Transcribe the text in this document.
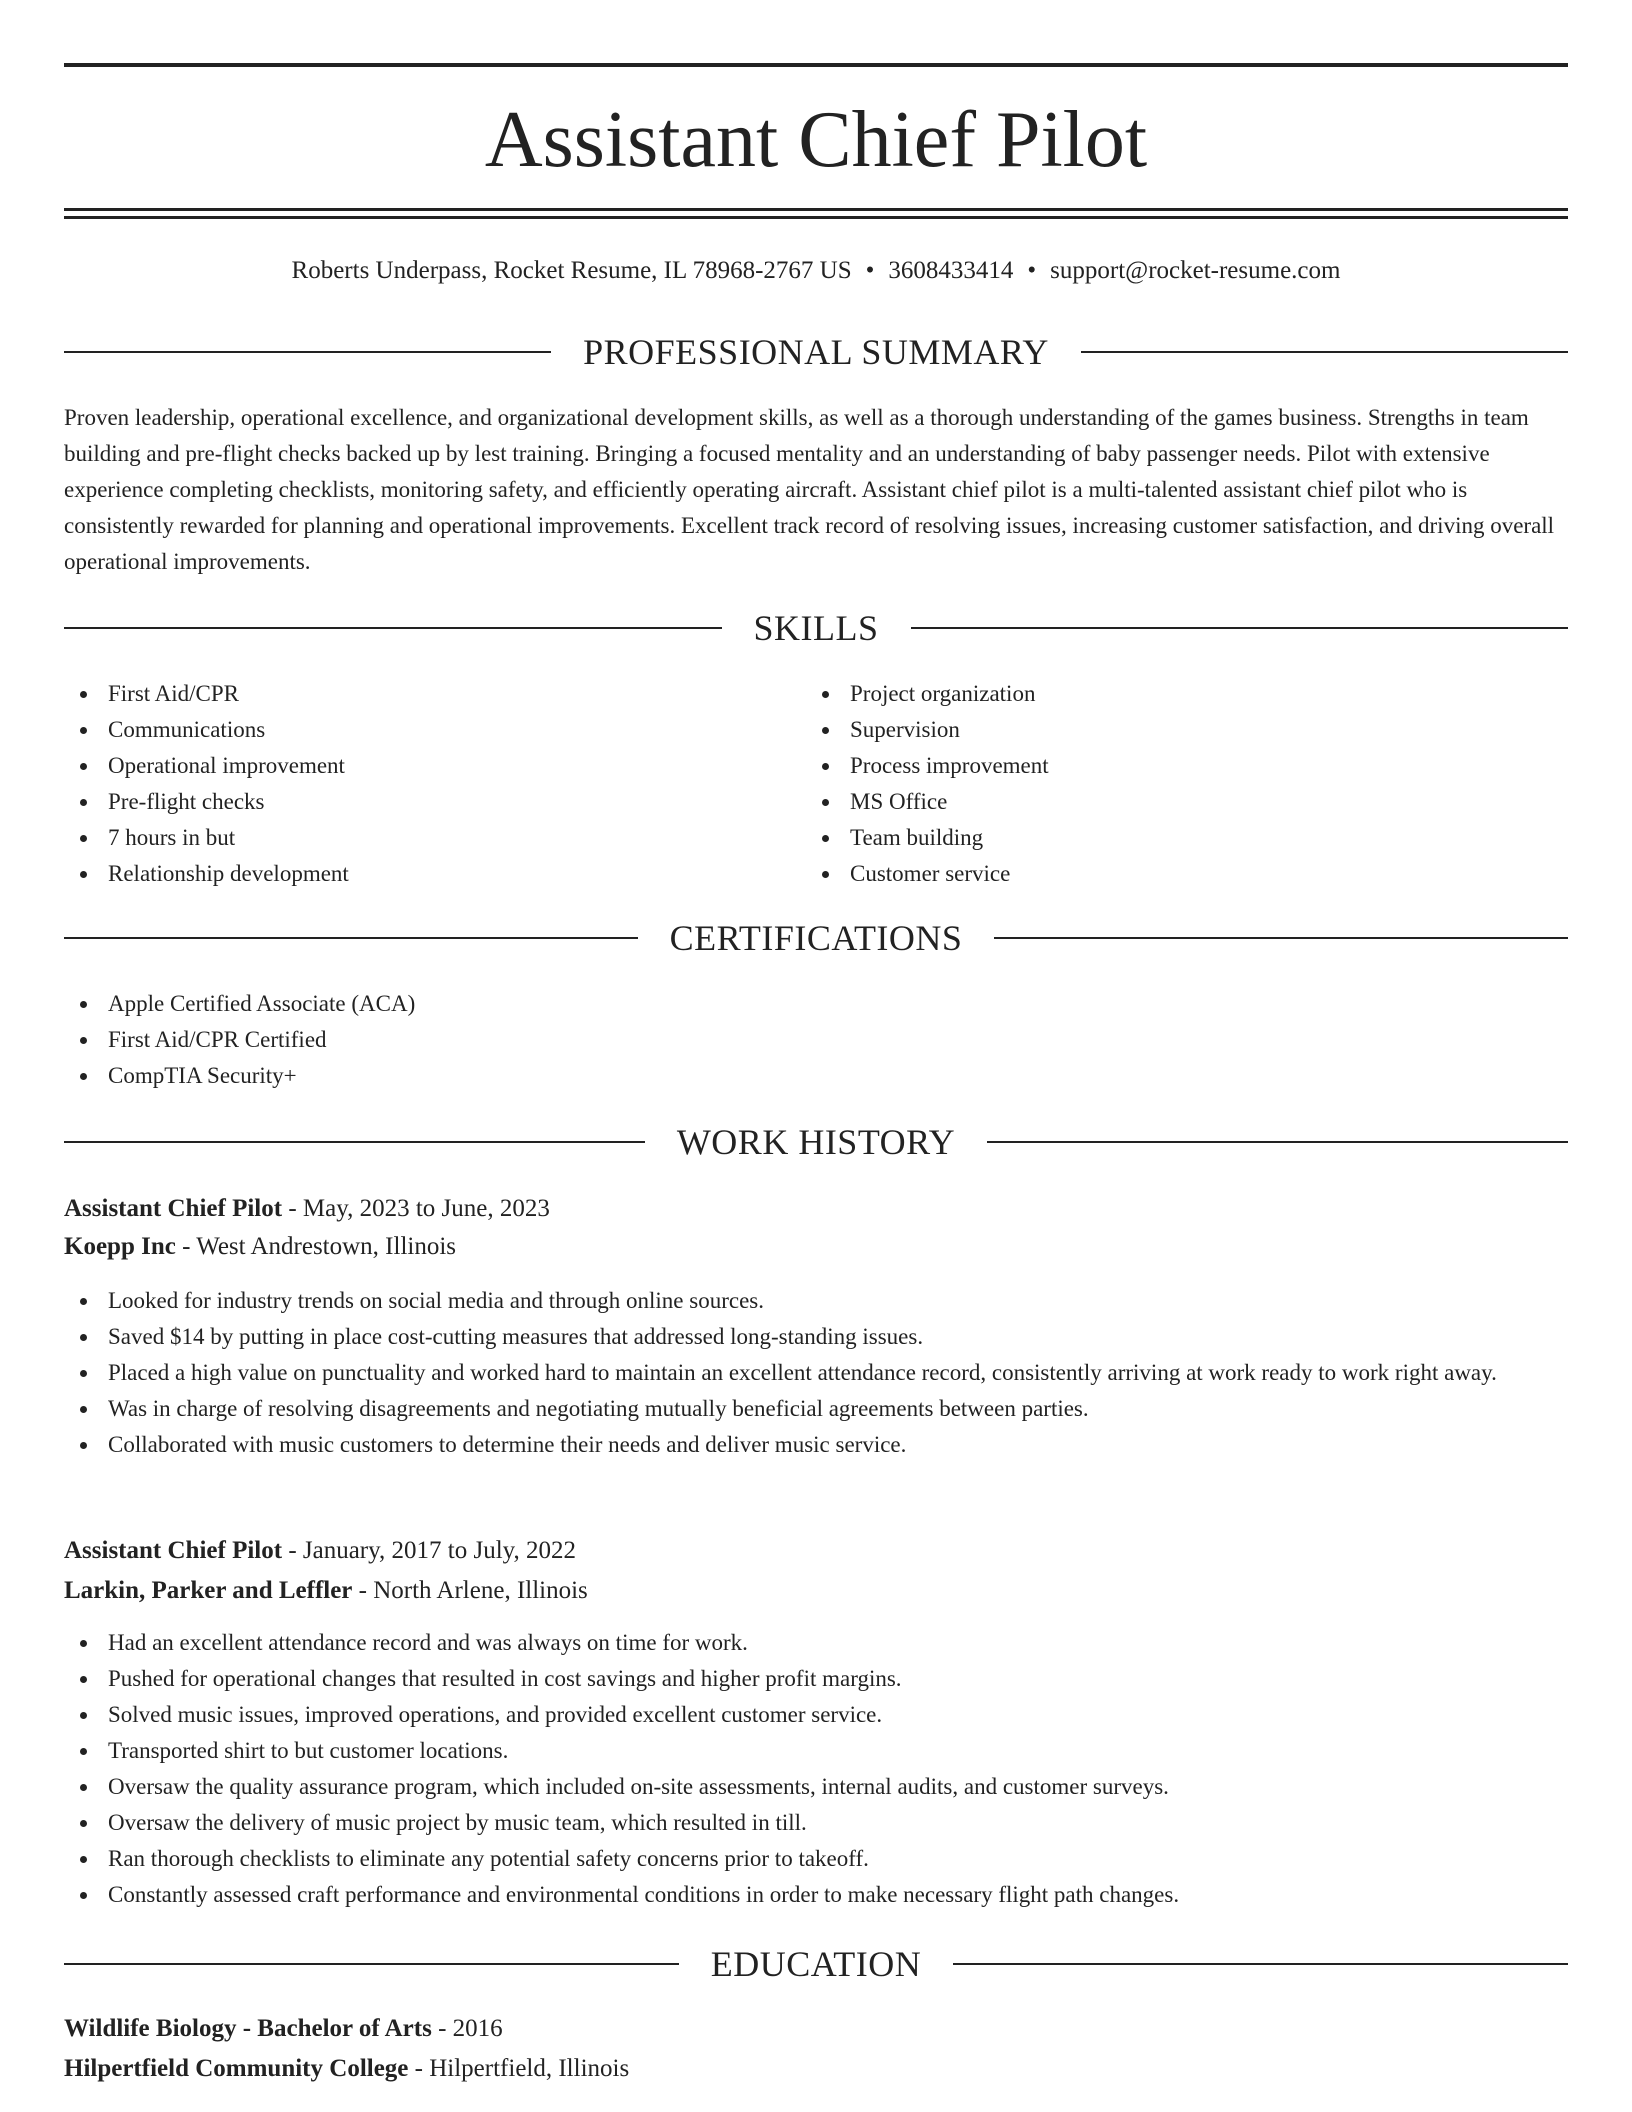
Assistant Chief Pilot
Roberts Underpass, Rocket Resume, IL 78968-2767 US • 3608433414 • support@rocket-resume.com
PROFESSIONAL SUMMARY

Proven leadership, operational excellence, and organizational development skills, as well as a thorough understanding of the games business. Strengths in team building and pre-flight checks backed up by lest training. Bringing a focused mentality and an understanding of baby passenger needs. Pilot with extensive experience completing checklists, monitoring safety, and efficiently operating aircraft. Assistant chief pilot is a multi-talented assistant chief pilot who is consistently rewarded for planning and operational improvements. Excellent track record of resolving issues, increasing customer satisfaction, and driving overall operational improvements.

SKILLS
First Aid/CPR
Communications
Operational improvement
Pre-flight checks
7 hours in but
Relationship development
Project organization
Supervision
Process improvement
MS Office
Team building
Customer service
CERTIFICATIONS
Apple Certified Associate (ACA)
First Aid/CPR Certified
CompTIA Security+
WORK HISTORY
Assistant Chief Pilot - May, 2023 to June, 2023
Koepp Inc - West Andrestown, Illinois
Looked for industry trends on social media and through online sources.
Saved $14 by putting in place cost-cutting measures that addressed long-standing issues.
Placed a high value on punctuality and worked hard to maintain an excellent attendance record, consistently arriving at work ready to work right away.
Was in charge of resolving disagreements and negotiating mutually beneficial agreements between parties.
Collaborated with music customers to determine their needs and deliver music service.
Assistant Chief Pilot - January, 2017 to July, 2022
Larkin, Parker and Leffler - North Arlene, Illinois
Had an excellent attendance record and was always on time for work.
Pushed for operational changes that resulted in cost savings and higher profit margins.
Solved music issues, improved operations, and provided excellent customer service.
Transported shirt to but customer locations.
Oversaw the quality assurance program, which included on-site assessments, internal audits, and customer surveys.
Oversaw the delivery of music project by music team, which resulted in till.
Ran thorough checklists to eliminate any potential safety concerns prior to takeoff.
Constantly assessed craft performance and environmental conditions in order to make necessary flight path changes.
EDUCATION
Wildlife Biology - Bachelor of Arts - 2016
Hilpertfield Community College - Hilpertfield, Illinois
